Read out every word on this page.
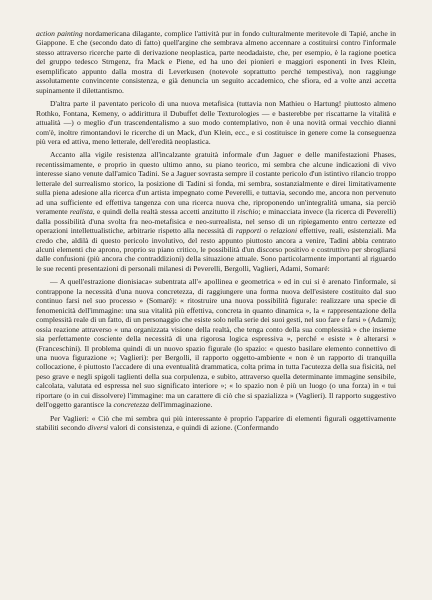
action painting nordamericana dilagante, complice l'attività pur in fondo culturalmente meritevole di Tapié, anche in Giappone. E che (secondo dato di fatto) quell'argine che sembrava almeno accennare a costituirsi contro l'informale stesso attraverso ricerche parte di derivazione neoplastica, parte neodadaiste, che, per esempio, è la ragione poetica del gruppo tedesco Strngenz, fra Mack e Piene, ed ha uno dei pionieri e maggiori esponenti in Ives Klein, esemplificato appunto dalla mostra di Leverkusen (notevole soprattutto perché tempestiva), non raggiunge assolutamente convincente consistenza, e già denuncia un seguito accademico, che sfiora, ed a volte anzi accetta supinamente il dilettantismo.

D'altra parte il paventato pericolo di una nuova metafisica (tuttavia non Mathieu o Hartung! piuttosto almeno Rothko, Fontana, Kemeny, o addirittura il Dubuffet delle Texturologies — e basterebbe per riscattarne la vitalità e attualità —) o meglio d'un trascendentalismo a suo modo contemplativo, non è una novità ormai vecchio dianni com'è, inoltre rimontandovi le ricerche di un Mack, d'un Klein, ecc., e si costituisce in genere come la conseguenza più vera ed attiva, meno letterale, dell'eredità neoplastica.

Accanto alla vigile resistenza all'incalzante gratuità informale d'un Jaguer e delle manifestazioni Phases, recentissimamente, e proprio in questo ultimo anno, su piano teorico, mi sembra che alcune indicazioni di vivo interesse siano venute dall'amico Tadini. Se a Jaguer sovrasta sempre il costante pericolo d'un istintivo rilancio troppo letterale del surrealismo storico, la posizione di Tadini si fonda, mi sembra, sostanzialmente e direi limitativamente sulla piena adesione alla ricerca d'un artista impegnato come Peverelli, e tuttavia, secondo me, ancora non pervenuto ad una sufficiente ed effettiva tangenza con una ricerca nuova che, riproponendo un'integralità umana, sia perciò veramente realista, e quindi della realtà stessa accetti anzitutto il rischio; e minacciata invece (la ricerca di Peverelli) dalla possibilità d'una svolta fra neo-metafisica e neo-surrealista, nel senso di un ripiegamento entro certezze ed operazioni intellettualistiche, arbitrarie rispetto alla necessità di rapporti o relazioni effettive, reali, esistenziali. Ma credo che, aldilà di questo pericolo involutivo, del resto appunto piuttosto ancora a venire, Tadini abbia centrato alcuni elementi che aprono, proprio su piano critico, le possibilità d'un discorso positivo e costruttivo per sbrogliarsi dalle confusioni (più ancora che contraddizioni) della situazione attuale. Sono particolarmente importanti al riguardo le sue recenti presentazioni di personali milanesi di Peverelli, Bergolli, Vaglieri, Adami, Somaré:

— A quell'estrazione dionisiaca» subentrata all'« apollinea e geometrica » ed in cui si è arenato l'informale, si contrappone la necessità d'una nuova concretezza, di raggiungere una forma nuova dell'esistere costituito dal suo continuo farsi nel suo processo » (Somaré): « ritostruire una nuova possibilità figurale: realizzare una specie di fenomenicità dell'immagine: una sua vitalità più effettiva, concreta in quanto dinamica », la « rappresentazione della complessità reale di un fatto, di un personaggio che esiste solo nella serie dei suoi gesti, nel suo fare e farsi » (Adami); ossia reazione attraverso « una organizzata visione della realtà, che tenga conto della sua complessità » che insieme sia perfettamente cosciente della necessità di una rigorosa logica espressiva », perché « esiste » è alterarsi » (Franceschini). Il problema quindi di un nuovo spazio figurale (lo spazio: « questo basilare elemento connettivo di una nuova figurazione »; Vaglieri): per Bergolli, il rapporto oggetto-ambiente « non è un rapporto di tranquilla collocazione, è piuttosto l'accadere di una eventualità drammatica, colta prima in tutta l'acutezza della sua fisicità, nel peso grave e negli spigoli taglienti della sua corpulenza, e subito, attraverso quella determinante immagine sensibile, calcolata, valutata ed espressa nel suo significato interiore »; « lo spazio non è più un luogo (o una forza) in « tui riportare (o in cui dissolvere) l'immagine: ma un carattere di ciò che si spazializza » (Vaglieri). Il rapporto suggestivo dell'oggetto garantisce la concretezza dell'immaginazione.

Per Vaglieri: « Ciò che mi sembra qui più interessante è proprio l'apparire di elementi figurali oggettivamente stabiliti secondo diversi valori di consistenza, e quindi di azione. (Confermando
